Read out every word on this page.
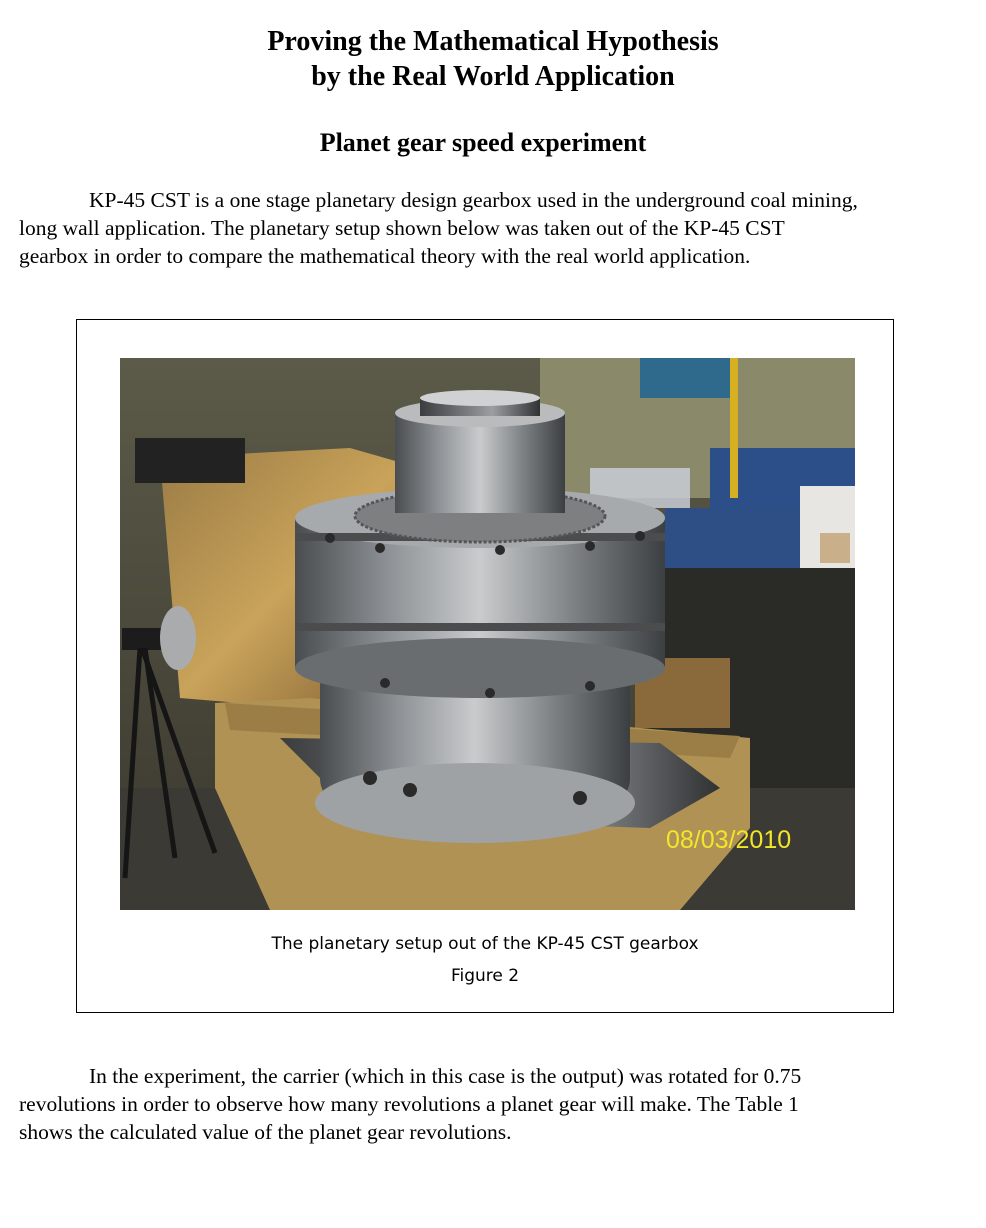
Proving the Mathematical Hypothesis
by the Real World Application
Planet gear speed experiment
KP-45 CST is a one stage planetary design gearbox used in the underground coal mining,
long wall application. The planetary setup shown below was taken out of the KP-45 CST
gearbox in order to compare the mathematical theory with the real world application.
08/03/2010
The planetary setup out of the KP-45 CST gearbox
Figure 2
In the experiment, the carrier (which in this case is the output) was rotated for 0.75
revolutions in order to observe how many revolutions a planet gear will make. The Table 1
shows the calculated value of the planet gear revolutions.
